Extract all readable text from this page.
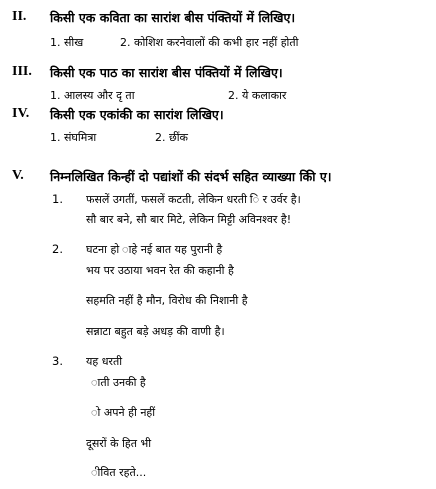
II. किसी एक कविता का सारांश बीस पंक्तियों में लिखिए।
1. सीख	2. कोशिश करनेवालों की कभी हार नहीं होती
III. किसी एक पाठ का सारांश बीस पंक्तियों में लिखिए।
1. आलस्य और दृ ता	2. ये कलाकार
IV. किसी एक एकांकी का सारांश लिखिए।
1. संघमित्रा	2. छींक
V. निम्नलिखित किन्हीं दो पद्यांशों की संदर्भ सहित व्याख्या कीि ए।
1. फसलें उगतीं, फसलें कटती, लेकिन धरती ि र उर्वर है।
सौ बार बने, सौ बार मिटे, लेकिन मिट्टी अविनश्वर है!
2. घटना हो ाहे नई बात यह पुरानी है
भय पर उठाया भवन रेत की कहानी है
सहमति नहीं है मौन, विरोध की निशानी है
सन्नाटा बहुत बड़े अधड़ की वाणी है।
3. यह धरती
ाती उनकी है
ो अपने ही नहीं
दूसरों के हित भी
ीवित रहते...
